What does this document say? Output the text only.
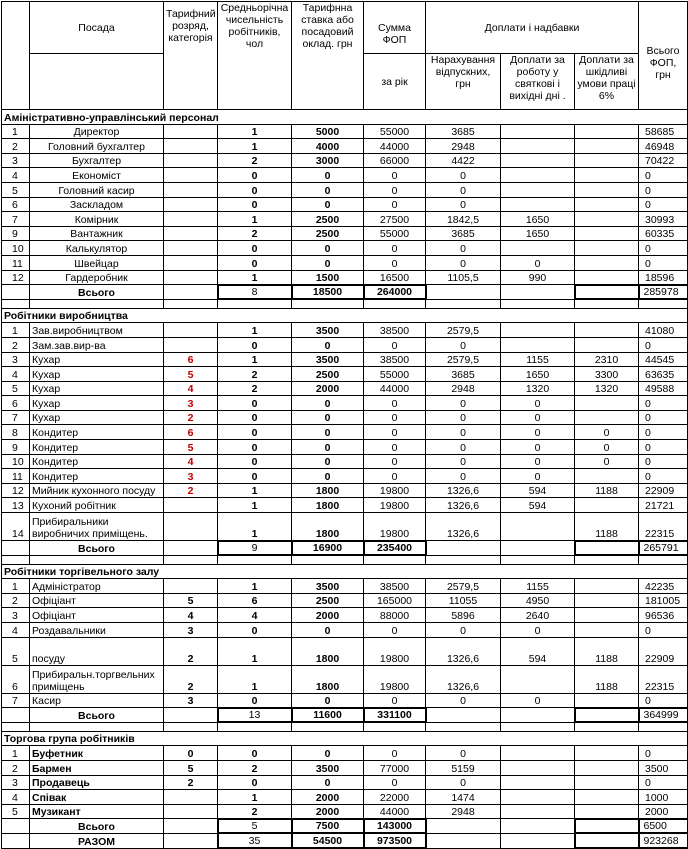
	Посада	Тарифний розряд, категорія	Средньорічна чисельність робітників, чол	Тарифнна ставка або посадовий оклад. грн	Сумма ФОП	Доплати і надбавки			Всього ФОП, грн
					за рік	Нарахування відпускних, грн	Доплати за роботу у святкові і вихідні дні .	Доплати за шкідливі умови праці 6%	
Аміністративно-управлінський персонал									
1	Директор		1	5000	55000	3685			58685
2	Головний бухгалтер		1	4000	44000	2948			46948
3	Бухгалтер		2	3000	66000	4422			70422
4	Економіст		0	0	0	0			0
5	Головний касир		0	0	0	0			0
6	Заскладом		0	0	0	0			0
7	Комірник		1	2500	27500	1842,5	1650		30993
9	Вантажник		2	2500	55000	3685	1650		60335
10	Калькулятор		0	0	0	0			0
11	Швейцар		0	0	0	0	0		0
12	Гардеробник		1	1500	16500	1105,5	990		18596
	Всього		8	18500	264000				285978

Робітники виробництва									
1	Зав.виробництвом		1	3500	38500	2579,5			41080
2	Зам.зав.вир-ва		0	0	0	0			0
3	Кухар	6	1	3500	38500	2579,5	1155	2310	44545
4	Кухар	5	2	2500	55000	3685	1650	3300	63635
5	Кухар	4	2	2000	44000	2948	1320	1320	49588
6	Кухар	3	0	0	0	0	0		0
7	Кухар	2	0	0	0	0	0		0
8	Кондитер	6	0	0	0	0	0	0	0
9	Кондитер	5	0	0	0	0	0	0	0
10	Кондитер	4	0	0	0	0	0	0	0
11	Кондитер	3	0	0	0	0	0		0
12	Мийник кухонного посуду	2	1	1800	19800	1326,6	594	1188	22909
13	Кухоний робітник		1	1800	19800	1326,6	594		21721
14	Прибиральники виробничих приміщень.		1	1800	19800	1326,6		1188	22315
	Всього		9	16900	235400				265791

Робітники торгівельного залу									
1	Адміністратор		1	3500	38500	2579,5	1155		42235
2	Офіціант	5	6	2500	165000	11055	4950		181005
3	Офіціант	4	4	2000	88000	5896	2640		96536
4	Роздавальники	3	0	0	0	0	0		0
5	посуду	2	1	1800	19800	1326,6	594	1188	22909
6	Прибиральн.торгвельних приміщень	2	1	1800	19800	1326,6		1188	22315
7	Касир	3	0	0	0	0	0		0
	Всього		13	11600	331100				364999

Торгова група робітників									
1	Буфетник	0	0	0	0	0			0
2	Бармен	5	2	3500	77000	5159			3500
3	Продавець	2	0	0	0	0			0
4	Співак		1	2000	22000	1474			1000
5	Музикант		2	2000	44000	2948			2000
	Всього		5	7500	143000				6500
	РАЗОМ		35	54500	973500				923268
